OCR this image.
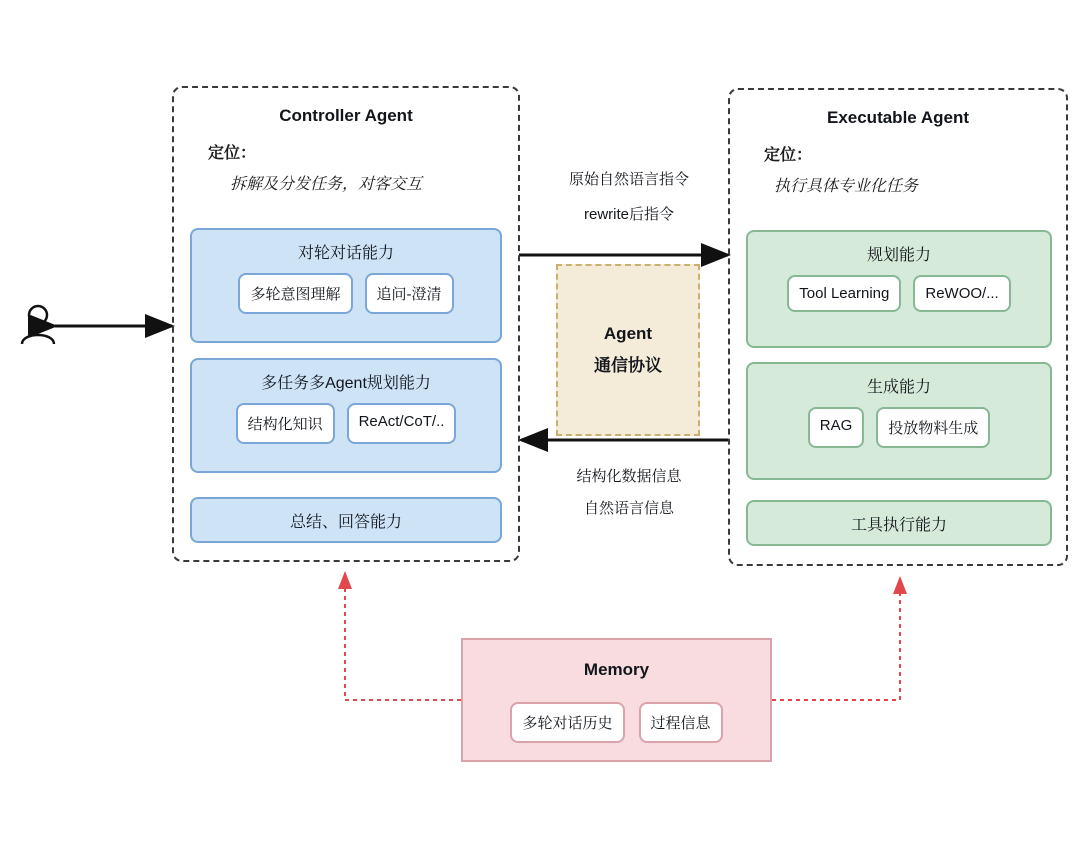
Controller Agent
定位：
拆解及分发任务，对客交互
对轮对话能力
多轮意图理解	追问-澄清
多任务多Agent规划能力
结构化知识	ReAct/CoT/..
总结、回答能力
Executable Agent
定位：
执行具体专业化任务
规划能力
Tool Learning	ReWOO/...
生成能力
RAG	投放物料生成
工具执行能力
Agent
通信协议
原始自然语言指令
rewrite后指令
结构化数据信息
自然语言信息
Memory
多轮对话历史	过程信息
